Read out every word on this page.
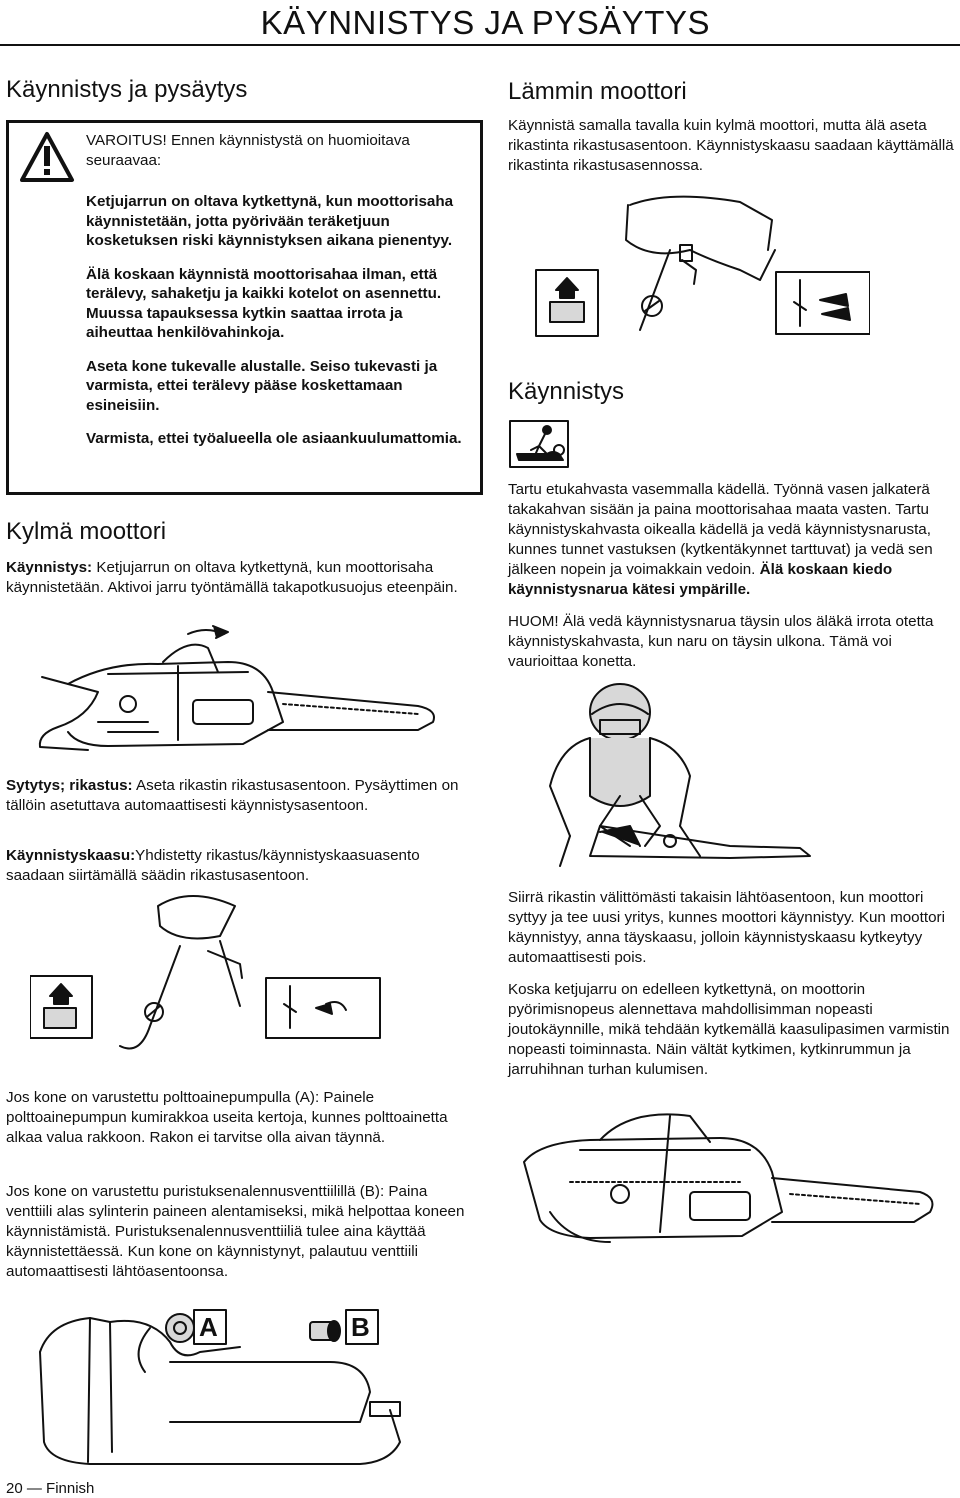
KÄYNNISTYS JA PYSÄYTYS
Käynnistys ja pysäytys

VAROITUS! Ennen käynnistystä on huomioitava seuraavaa:

Ketjujarrun on oltava kytkettynä, kun moottorisaha käynnistetään, jotta pyörivään teräketjuun kosketuksen riski käynnistyksen aikana pienentyy.

Älä koskaan käynnistä moottorisahaa ilman, että terälevy, sahaketju ja kaikki kotelot on asennettu. Muussa tapauksessa kytkin saattaa irrota ja aiheuttaa henkilövahinkoja.

Aseta kone tukevalle alustalle. Seiso tukevasti ja varmista, ettei terälevy pääse koskettamaan esineisiin.

Varmista, ettei työalueella ole asiaankuulumattomia.

Kylmä moottori

Käynnistys: Ketjujarrun on oltava kytkettynä, kun moottorisaha käynnistetään. Aktivoi jarru työntämällä takapotkusuojus eteenpäin.

Sytytys; rikastus: Aseta rikastin rikastusasentoon. Pysäyttimen on tällöin asetuttava automaattisesti käynnistysasentoon.

Käynnistyskaasu:Yhdistetty rikastus/käynnistyskaasuasento saadaan siirtämällä säädin rikastusasentoon.

Jos kone on varustettu polttoainepumpulla (A): Painele polttoainepumpun kumirakkoa useita kertoja, kunnes polttoainetta alkaa valua rakkoon. Rakon ei tarvitse olla aivan täynnä.

Jos kone on varustettu puristuksenalennusventtiilillä (B): Paina venttiili alas sylinterin paineen alentamiseksi, mikä helpottaa koneen käynnistämistä. Puristuksenalennusventtiiliä tulee aina käyttää käynnistettäessä. Kun kone on käynnistynyt, palautuu venttiili automaattisesti lähtöasentoonsa.

A	B
20 — Finnish
Lämmin moottori

Käynnistä samalla tavalla kuin kylmä moottori, mutta älä aseta rikastinta rikastusasentoon. Käynnistyskaasu saadaan käyttämällä rikastinta rikastusasennossa.

Käynnistys

Tartu etukahvasta vasemmalla kädellä. Työnnä vasen jalkaterä takakahvan sisään ja paina moottorisahaa maata vasten. Tartu käynnistyskahvasta oikealla kädellä ja vedä käynnistysnarusta, kunnes tunnet vastuksen (kytkentäkynnet tarttuvat) ja vedä sen jälkeen nopein ja voimakkain vedoin. Älä koskaan kiedo käynnistysnarua kätesi ympärille.

HUOM! Älä vedä käynnistysnarua täysin ulos äläkä irrota otetta käynnistyskahvasta, kun naru on täysin ulkona. Tämä voi vaurioittaa konetta.

Siirrä rikastin välittömästi takaisin lähtöasentoon, kun moottori syttyy ja tee uusi yritys, kunnes moottori käynnistyy. Kun moottori käynnistyy, anna täyskaasu, jolloin käynnistyskaasu kytkeytyy automaattisesti pois.

Koska ketjujarru on edelleen kytkettynä, on moottorin pyörimisnopeus alennettava mahdollisimman nopeasti joutokäynnille, mikä tehdään kytkemällä kaasulipasimen varmistin nopeasti toiminnasta. Näin vältät kytkimen, kytkinrummun ja jarruhihnan turhan kulumisen.
